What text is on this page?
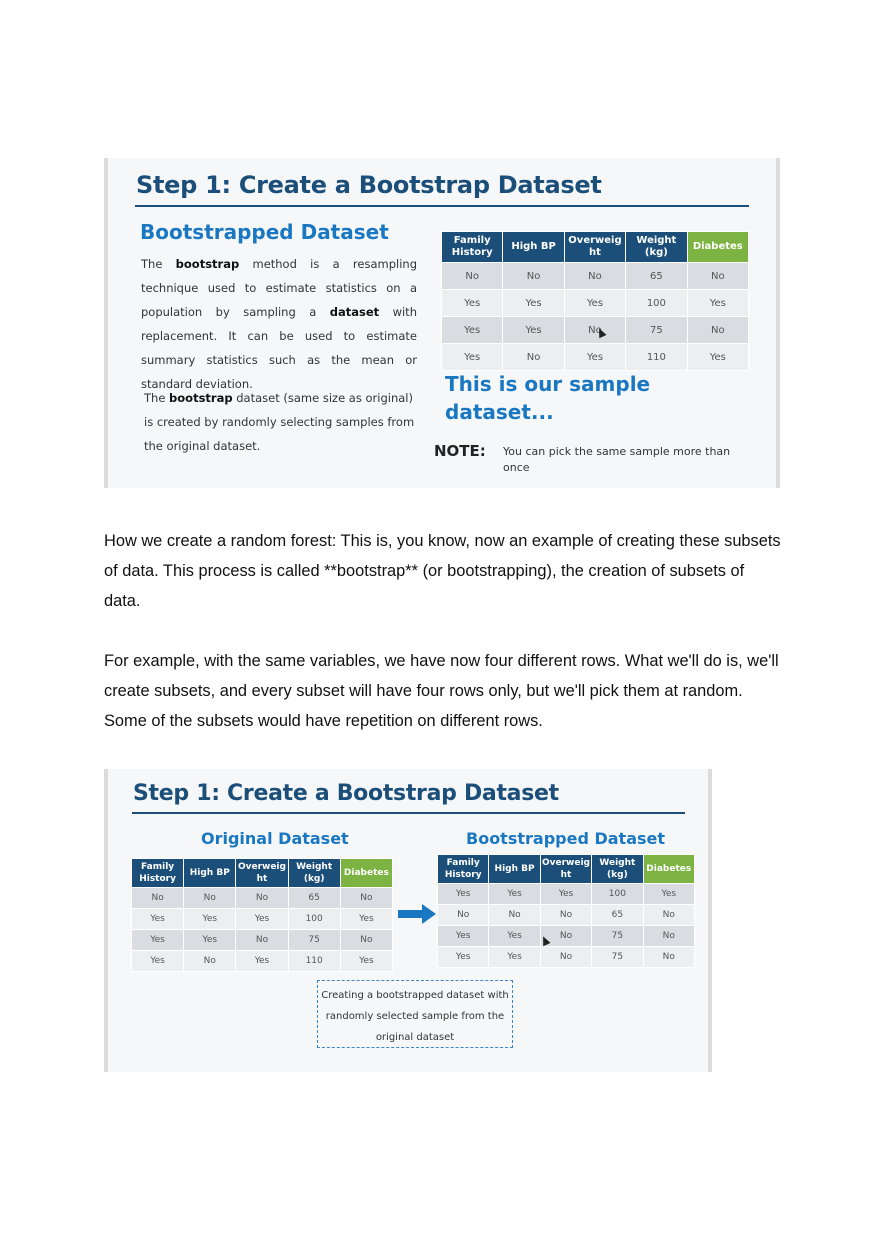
Step 1: Create a Bootstrap Dataset
Bootstrapped Dataset
The bootstrap method is a resampling technique used to estimate statistics on a population by sampling a dataset with replacement. It can be used to estimate summary statistics such as the mean or standard deviation.
The bootstrap dataset (same size as original) is created by randomly selecting samples from the original dataset.
Family History	High BP	Overweig ht	Weight (kg)	Diabetes
No	No	No	65	No
Yes	Yes	Yes	100	Yes
Yes	Yes	No	75	No
Yes	No	Yes	110	Yes
This is our sample dataset...
NOTE: You can pick the same sample more than once
How we create a random forest: This is, you know, now an example of creating these subsets of data. This process is called **bootstrap** (or bootstrapping), the creation of subsets of data.
For example, with the same variables, we have now four different rows. What we'll do is, we'll create subsets, and every subset will have four rows only, but we'll pick them at random. Some of the subsets would have repetition on different rows.
Step 1: Create a Bootstrap Dataset
Original Dataset	Bootstrapped Dataset
Family History	High BP	Overweig ht	Weight (kg)	Diabetes
No	No	No	65	No
Yes	Yes	Yes	100	Yes
Yes	Yes	No	75	No
Yes	No	Yes	110	Yes
Family History	High BP	Overweig ht	Weight (kg)	Diabetes
Yes	Yes	Yes	100	Yes
No	No	No	65	No
Yes	Yes	No	75	No
Yes	Yes	No	75	No
Creating a bootstrapped dataset with randomly selected sample from the original dataset
